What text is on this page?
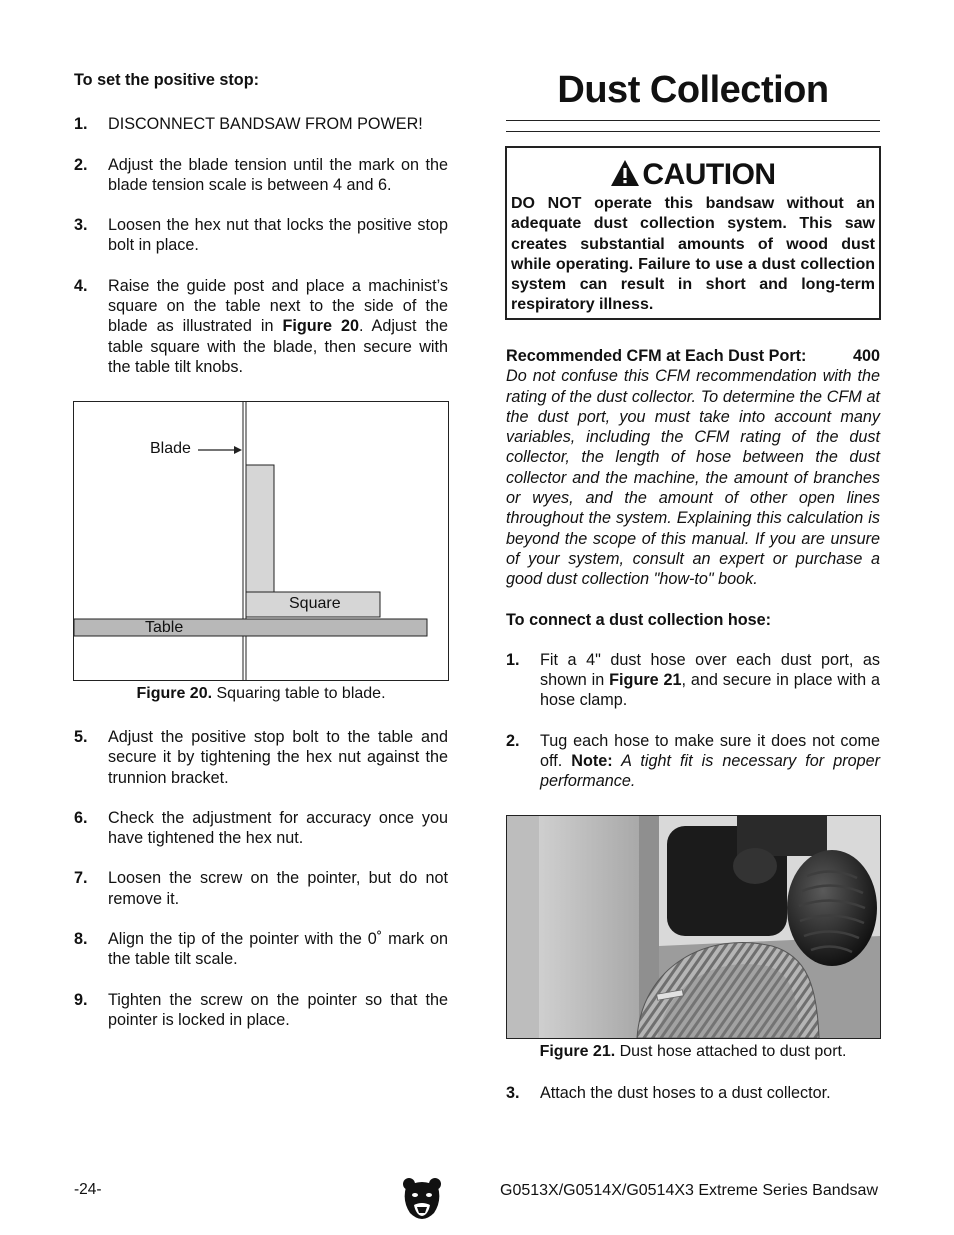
To set the positive stop:

1. DISCONNECT BANDSAW FROM POWER!
2. Adjust the blade tension until the mark on the blade tension scale is between 4 and 6.
3. Loosen the hex nut that locks the positive stop bolt in place.
4. Raise the guide post and place a machinist’s square on the table next to the side of the blade as illustrated in Figure 20. Adjust the table square with the blade, then secure with the table tilt knobs.
Blade
Square
Table
Figure 20. Squaring table to blade.
5. Adjust the positive stop bolt to the table and secure it by tightening the hex nut against the trunnion bracket.
6. Check the adjustment for accuracy once you have tightened the hex nut.
7. Loosen the screw on the pointer, but do not remove it.
8. Align the tip of the pointer with the 0˚ mark on the table tilt scale.
9. Tighten the screw on the pointer so that the pointer is locked in place.
Dust Collection
CAUTION
DO NOT operate this bandsaw without an adequate dust collection system. This saw creates substantial amounts of wood dust while operating. Failure to use a dust collection system can result in short and long-term respiratory illness.
Recommended CFM at Each Dust Port:	400
Do not confuse this CFM recommendation with the rating of the dust collector. To determine the CFM at the dust port, you must take into account many variables, including the CFM rating of the dust collector, the length of hose between the dust collector and the machine, the amount of branches or wyes, and the amount of other open lines throughout the system. Explaining this calculation is beyond the scope of this manual. If you are unsure of your system, consult an expert or purchase a good dust collection "how-to" book.

To connect a dust collection hose:

1. Fit a 4" dust hose over each dust port, as shown in Figure 21, and secure in place with a hose clamp.
2. Tug each hose to make sure it does not come off. Note: A tight fit is necessary for proper performance.
Figure 21. Dust hose attached to dust port.
3. Attach the dust hoses to a dust collector.
-24-	G0513X/G0514X/G0514X3 Extreme Series Bandsaw
